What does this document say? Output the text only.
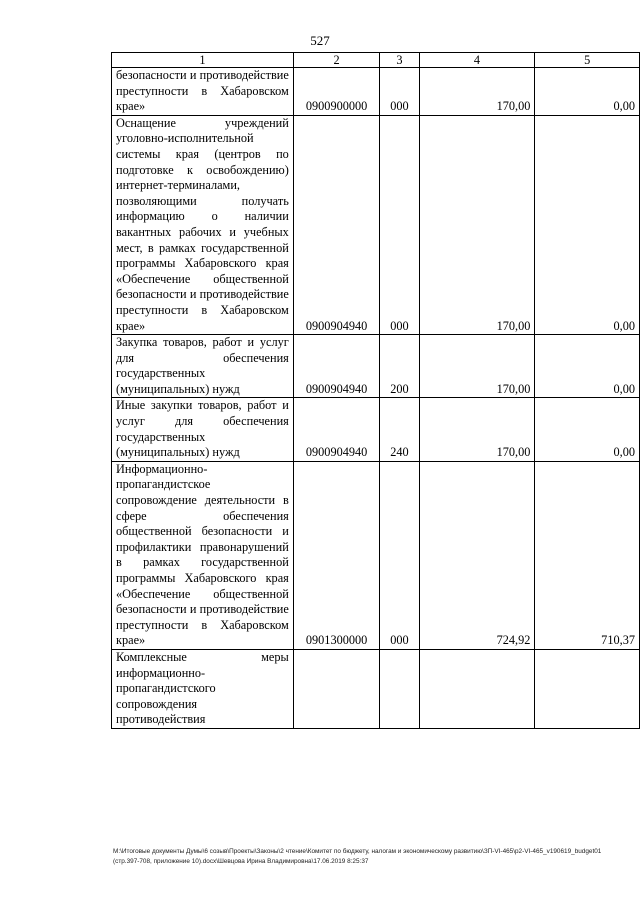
527
1	2	3	4	5

безопасности и противодействие преступности в Хабаровском крае»	0900900000	000	170,00	0,00

Оснащение учреждений уголовно-исполнительной системы края (центров по подготовке к освобождению) интернет-терминалами, позволяющими получать информацию о наличии вакантных рабочих и учебных мест, в рамках государственной программы Хабаровского края «Обеспечение общественной безопасности и противодействие преступности в Хабаровском крае»	0900904940	000	170,00	0,00

Закупка товаров, работ и услуг для обеспечения государственных (муниципальных) нужд	0900904940	200	170,00	0,00

Иные закупки товаров, работ и услуг для обеспечения государственных (муниципальных) нужд	0900904940	240	170,00	0,00

Информационно-пропагандистское сопровождение деятельности в сфере обеспечения общественной безопасности и профилактики правонарушений в рамках государственной программы Хабаровского края «Обеспечение общественной безопасности и противодействие преступности в Хабаровском крае»	0901300000	000	724,92	710,37

Комплексные меры информационно-пропагандистского сопровождения противодействия				

M:\Итоговые документы Думы\6 созыв\Проекты\Законы\2 чтение\Комитет по бюджету, налогам и экономическому развитию\ЗП-VI-465\р2-VI-465_v190619_budget01 (стр.397-708, приложение 10).docx\Шевцова Ирина Владимировна\17.06.2019 8:25:37
